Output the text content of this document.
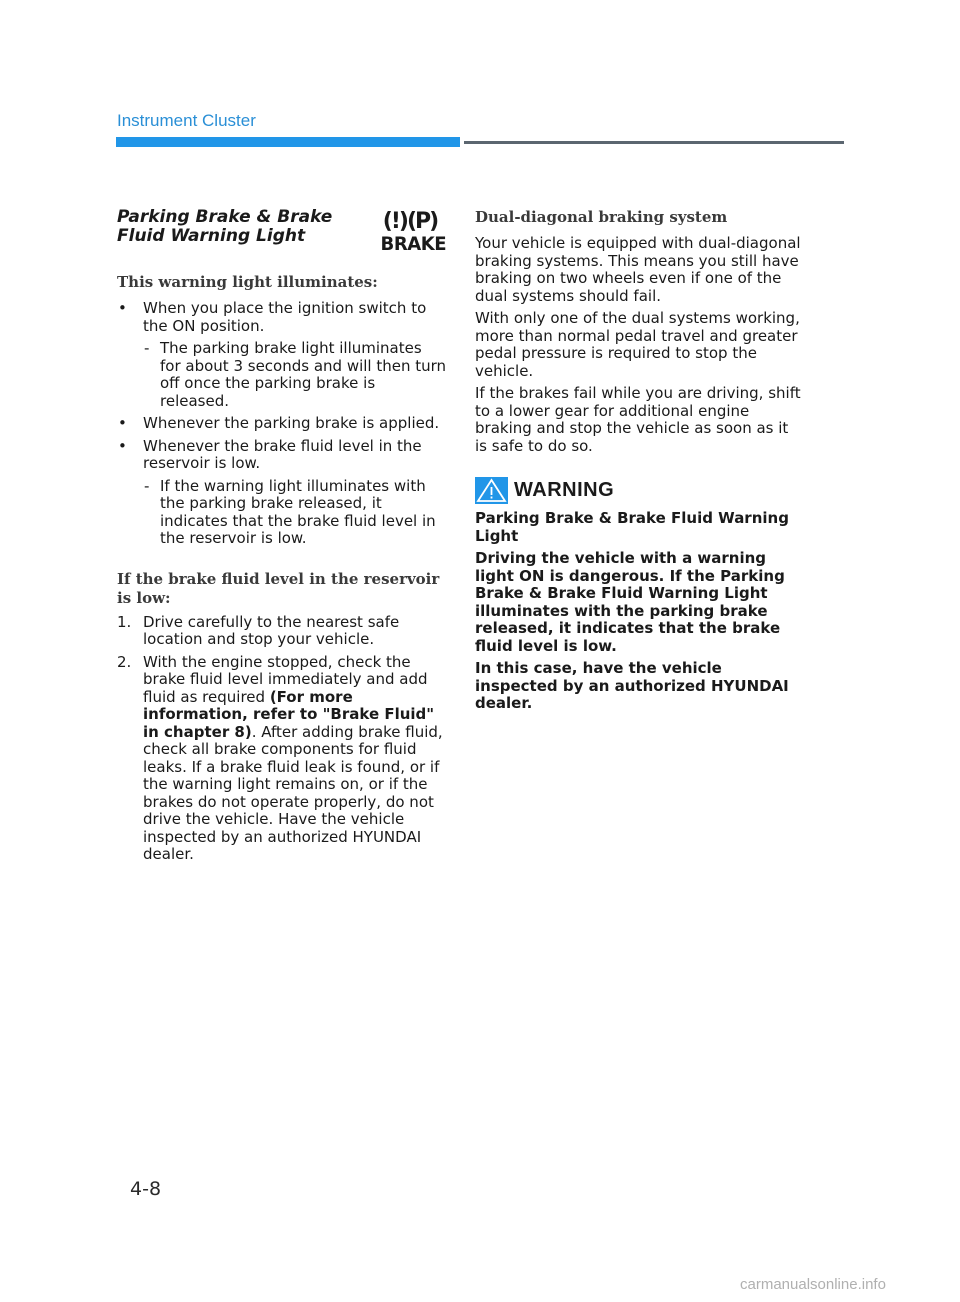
Instrument Cluster
Parking Brake & Brake Fluid Warning Light
(!)(P)
BRAKE
This warning light illuminates:
• When you place the ignition switch to the ON position.
- The parking brake light illuminates for about 3 seconds and will then turn off once the parking brake is released.
• Whenever the parking brake is applied.
• Whenever the brake fluid level in the reservoir is low.
- If the warning light illuminates with the parking brake released, it indicates that the brake fluid level in the reservoir is low.
If the brake fluid level in the reservoir is low:
1. Drive carefully to the nearest safe location and stop your vehicle.
2. With the engine stopped, check the brake fluid level immediately and add fluid as required (For more information, refer to "Brake Fluid" in chapter 8). After adding brake fluid, check all brake components for fluid leaks. If a brake fluid leak is found, or if the warning light remains on, or if the brakes do not operate properly, do not drive the vehicle. Have the vehicle inspected by an authorized HYUNDAI dealer.
Dual-diagonal braking system
Your vehicle is equipped with dual-diagonal braking systems. This means you still have braking on two wheels even if one of the dual systems should fail.
With only one of the dual systems working, more than normal pedal travel and greater pedal pressure is required to stop the vehicle.
If the brakes fail while you are driving, shift to a lower gear for additional engine braking and stop the vehicle as soon as it is safe to do so.
WARNING
Parking Brake & Brake Fluid Warning Light
Driving the vehicle with a warning light ON is dangerous. If the Parking Brake & Brake Fluid Warning Light illuminates with the parking brake released, it indicates that the brake fluid level is low.
In this case, have the vehicle inspected by an authorized HYUNDAI dealer.
4-8
carmanualsonline.info
